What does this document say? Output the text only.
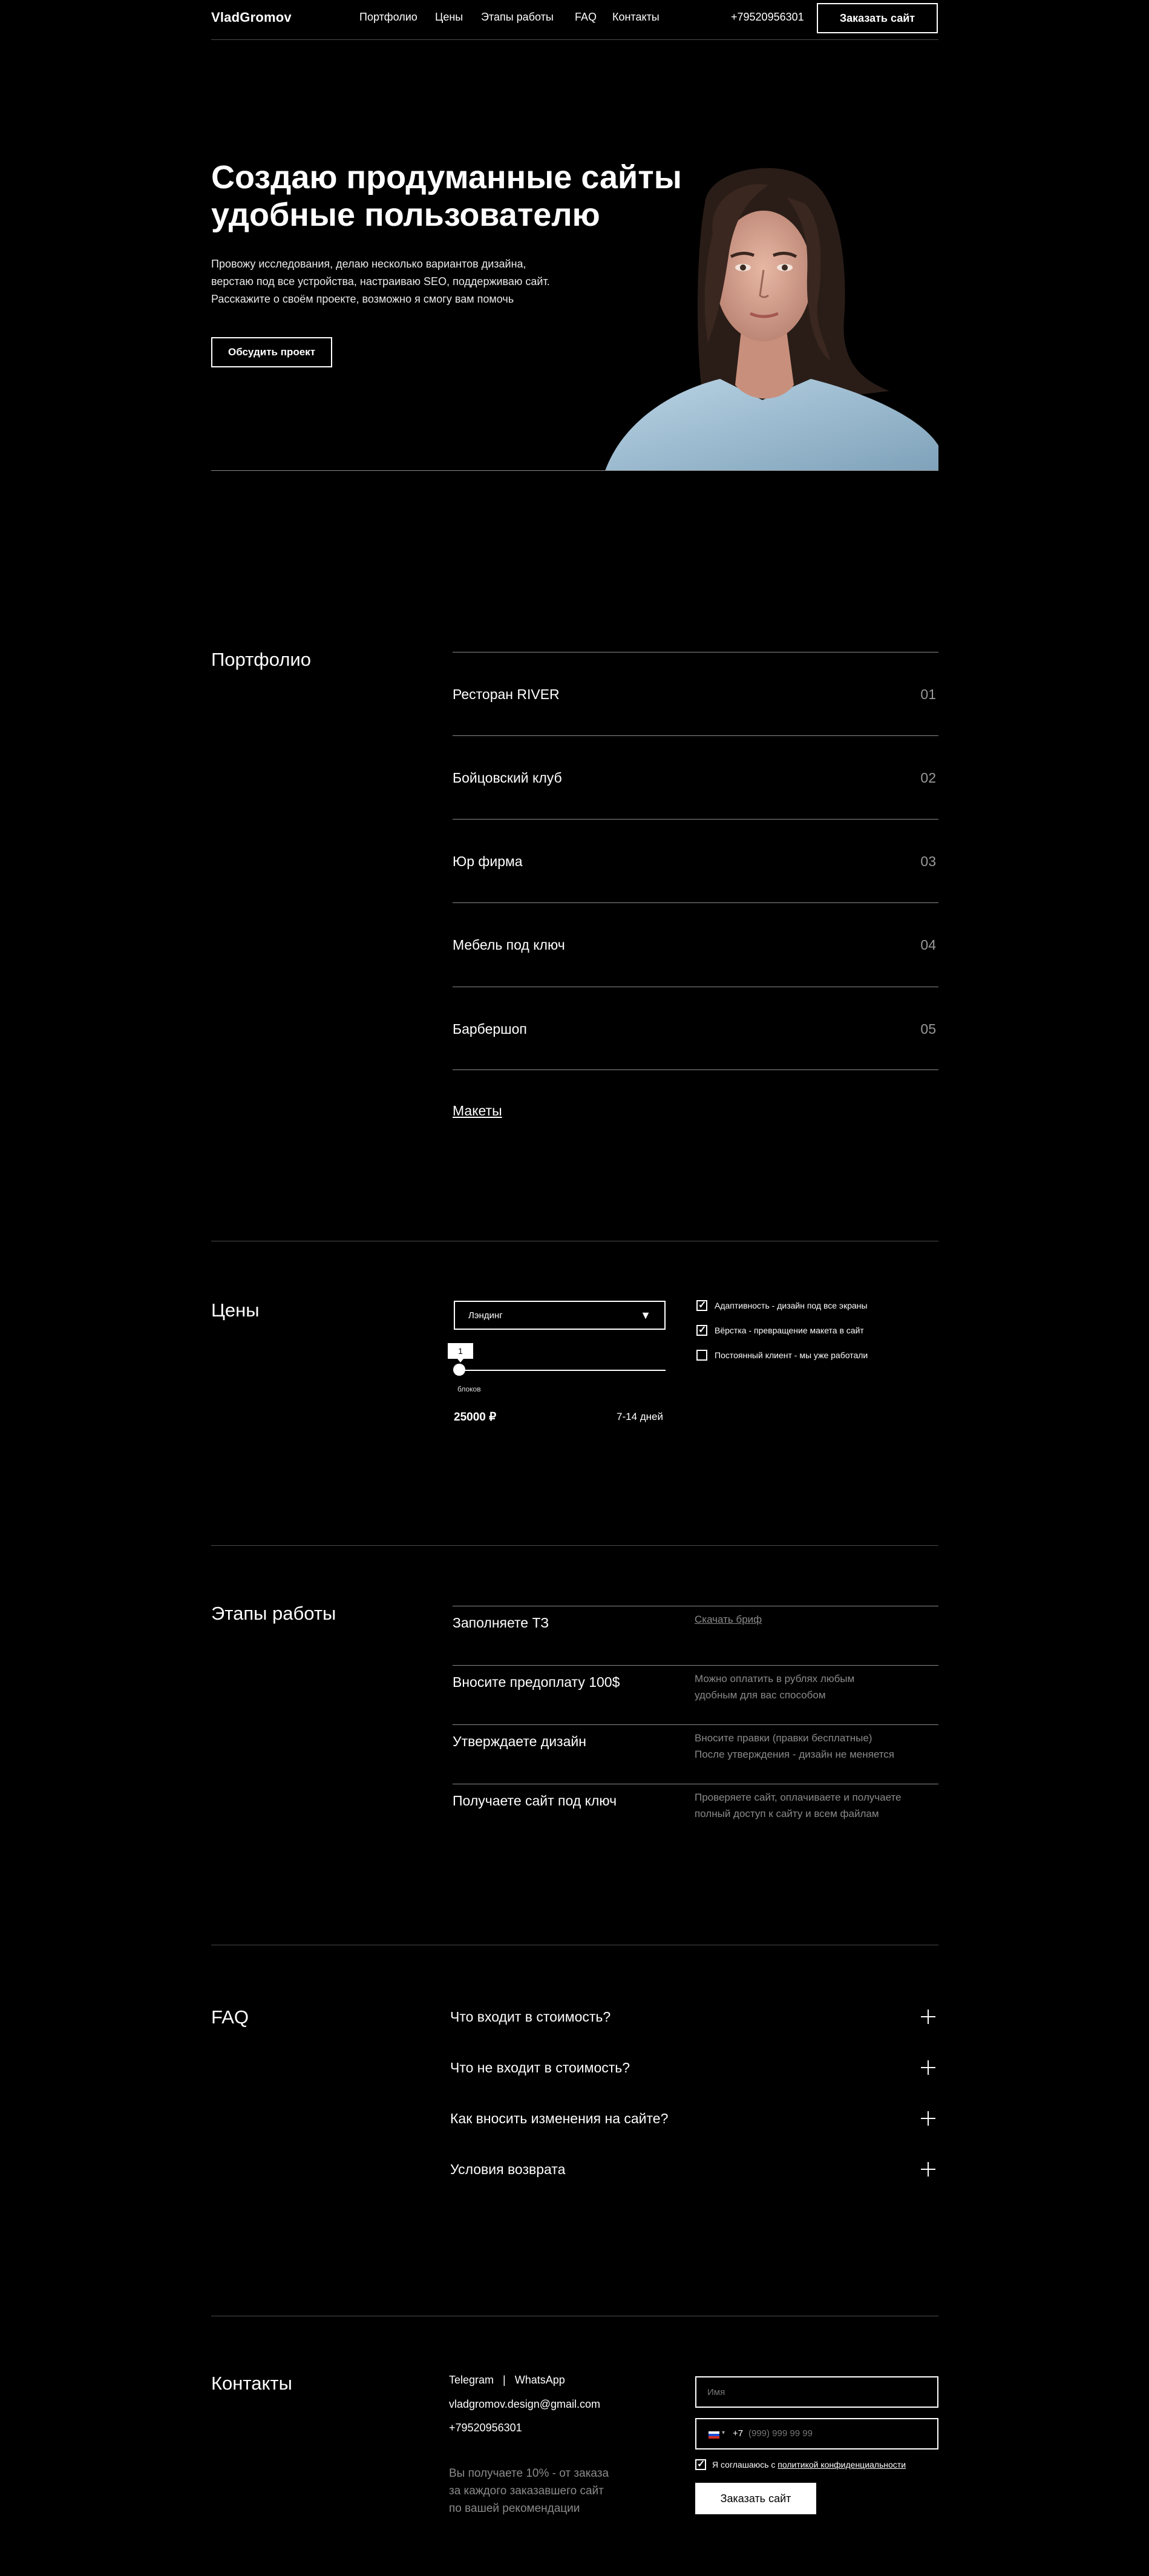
VladGromov	Портфолио Цены Этапы работы FAQ Контакты	+79520956301	Заказать сайт
Создаю продуманные сайты
удобные пользователю
Провожу исследования, делаю несколько вариантов дизайна,
верстаю под все устройства, настраиваю SEO, поддерживаю сайт.
Расскажите о своём проекте, возможно я смогу вам помочь
Обсудить проект
Портфолио
Ресторан RIVER	01
Бойцовский клуб	02
Юр фирма	03
Мебель под ключ	04
Барбершоп	05
Макеты
Цены	Лэндинг	▼
1
блоков
25000 ₽	7-14 дней
✓
Адаптивность - дизайн под все экраны
✓
Вёрстка - превращение макета в сайт
Постоянный клиент - мы уже работали
Этапы работы	Заполняете ТЗ	Скачать бриф
Вносите предоплату 100$	Можно оплатить в рублях любым
удобным для вас способом
Утверждаете дизайн	Вносите правки (правки бесплатные)
После утверждения - дизайн не меняется
Получаете сайт под ключ	Проверяете сайт, оплачиваете и получаете
полный доступ к сайту и всем файлам
FAQ	Что входит в стоимость?
Что не входит в стоимость?
Как вносить изменения на сайте?
Условия возврата
Контакты	Telegram | WhatsApp
vladgromov.design@gmail.com
+79520956301
Вы получаете 10% - от заказа
за каждого заказавшего сайт
по вашей рекомендации
Имя
▾ +7 (999) 999 99 99
✓
Я соглашаюсь с политикой конфиденциальности
Заказать сайт
